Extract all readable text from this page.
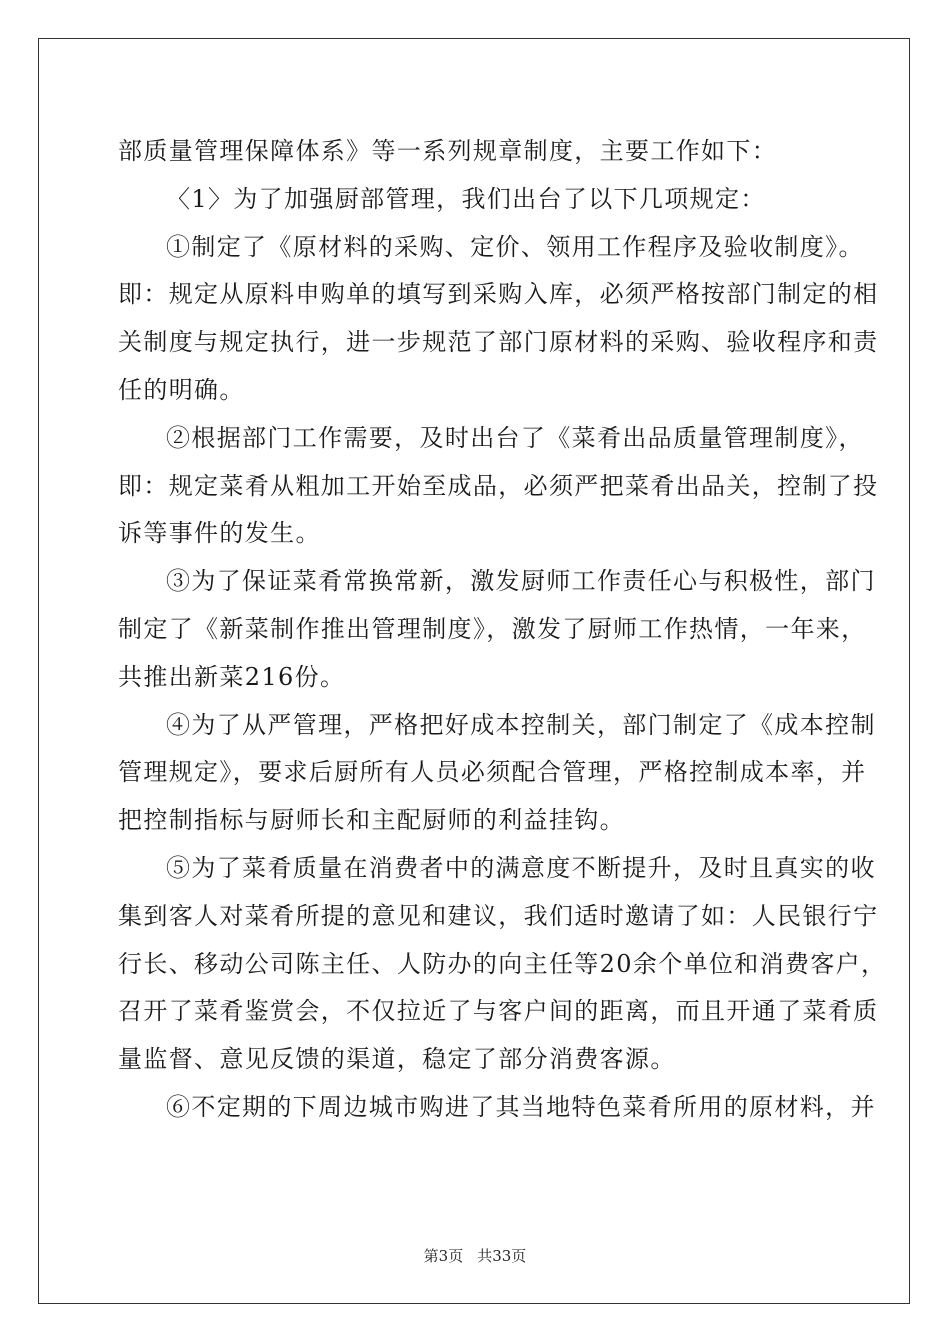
部质量管理保障体系》等一系列规章制度，主要工作如下：
〈1〉为了加强厨部管理，我们出台了以下几项规定：
①制定了《原材料的采购、定价、领用工作程序及验收制度》。
即：规定从原料申购单的填写到采购入库，必须严格按部门制定的相
关制度与规定执行，进一步规范了部门原材料的采购、验收程序和责
任的明确。
②根据部门工作需要，及时出台了《菜肴出品质量管理制度》，
即：规定菜肴从粗加工开始至成品，必须严把菜肴出品关，控制了投
诉等事件的发生。
③为了保证菜肴常换常新，激发厨师工作责任心与积极性，部门
制定了《新菜制作推出管理制度》，激发了厨师工作热情，一年来，
共推出新菜216份。
④为了从严管理，严格把好成本控制关，部门制定了《成本控制
管理规定》，要求后厨所有人员必须配合管理，严格控制成本率，并
把控制指标与厨师长和主配厨师的利益挂钩。
⑤为了菜肴质量在消费者中的满意度不断提升，及时且真实的收
集到客人对菜肴所提的意见和建议，我们适时邀请了如：人民银行宁
行长、移动公司陈主任、人防办的向主任等20余个单位和消费客户，
召开了菜肴鉴赏会，不仅拉近了与客户间的距离，而且开通了菜肴质
量监督、意见反馈的渠道，稳定了部分消费客源。
⑥不定期的下周边城市购进了其当地特色菜肴所用的原材料，并
第3页 共33页
